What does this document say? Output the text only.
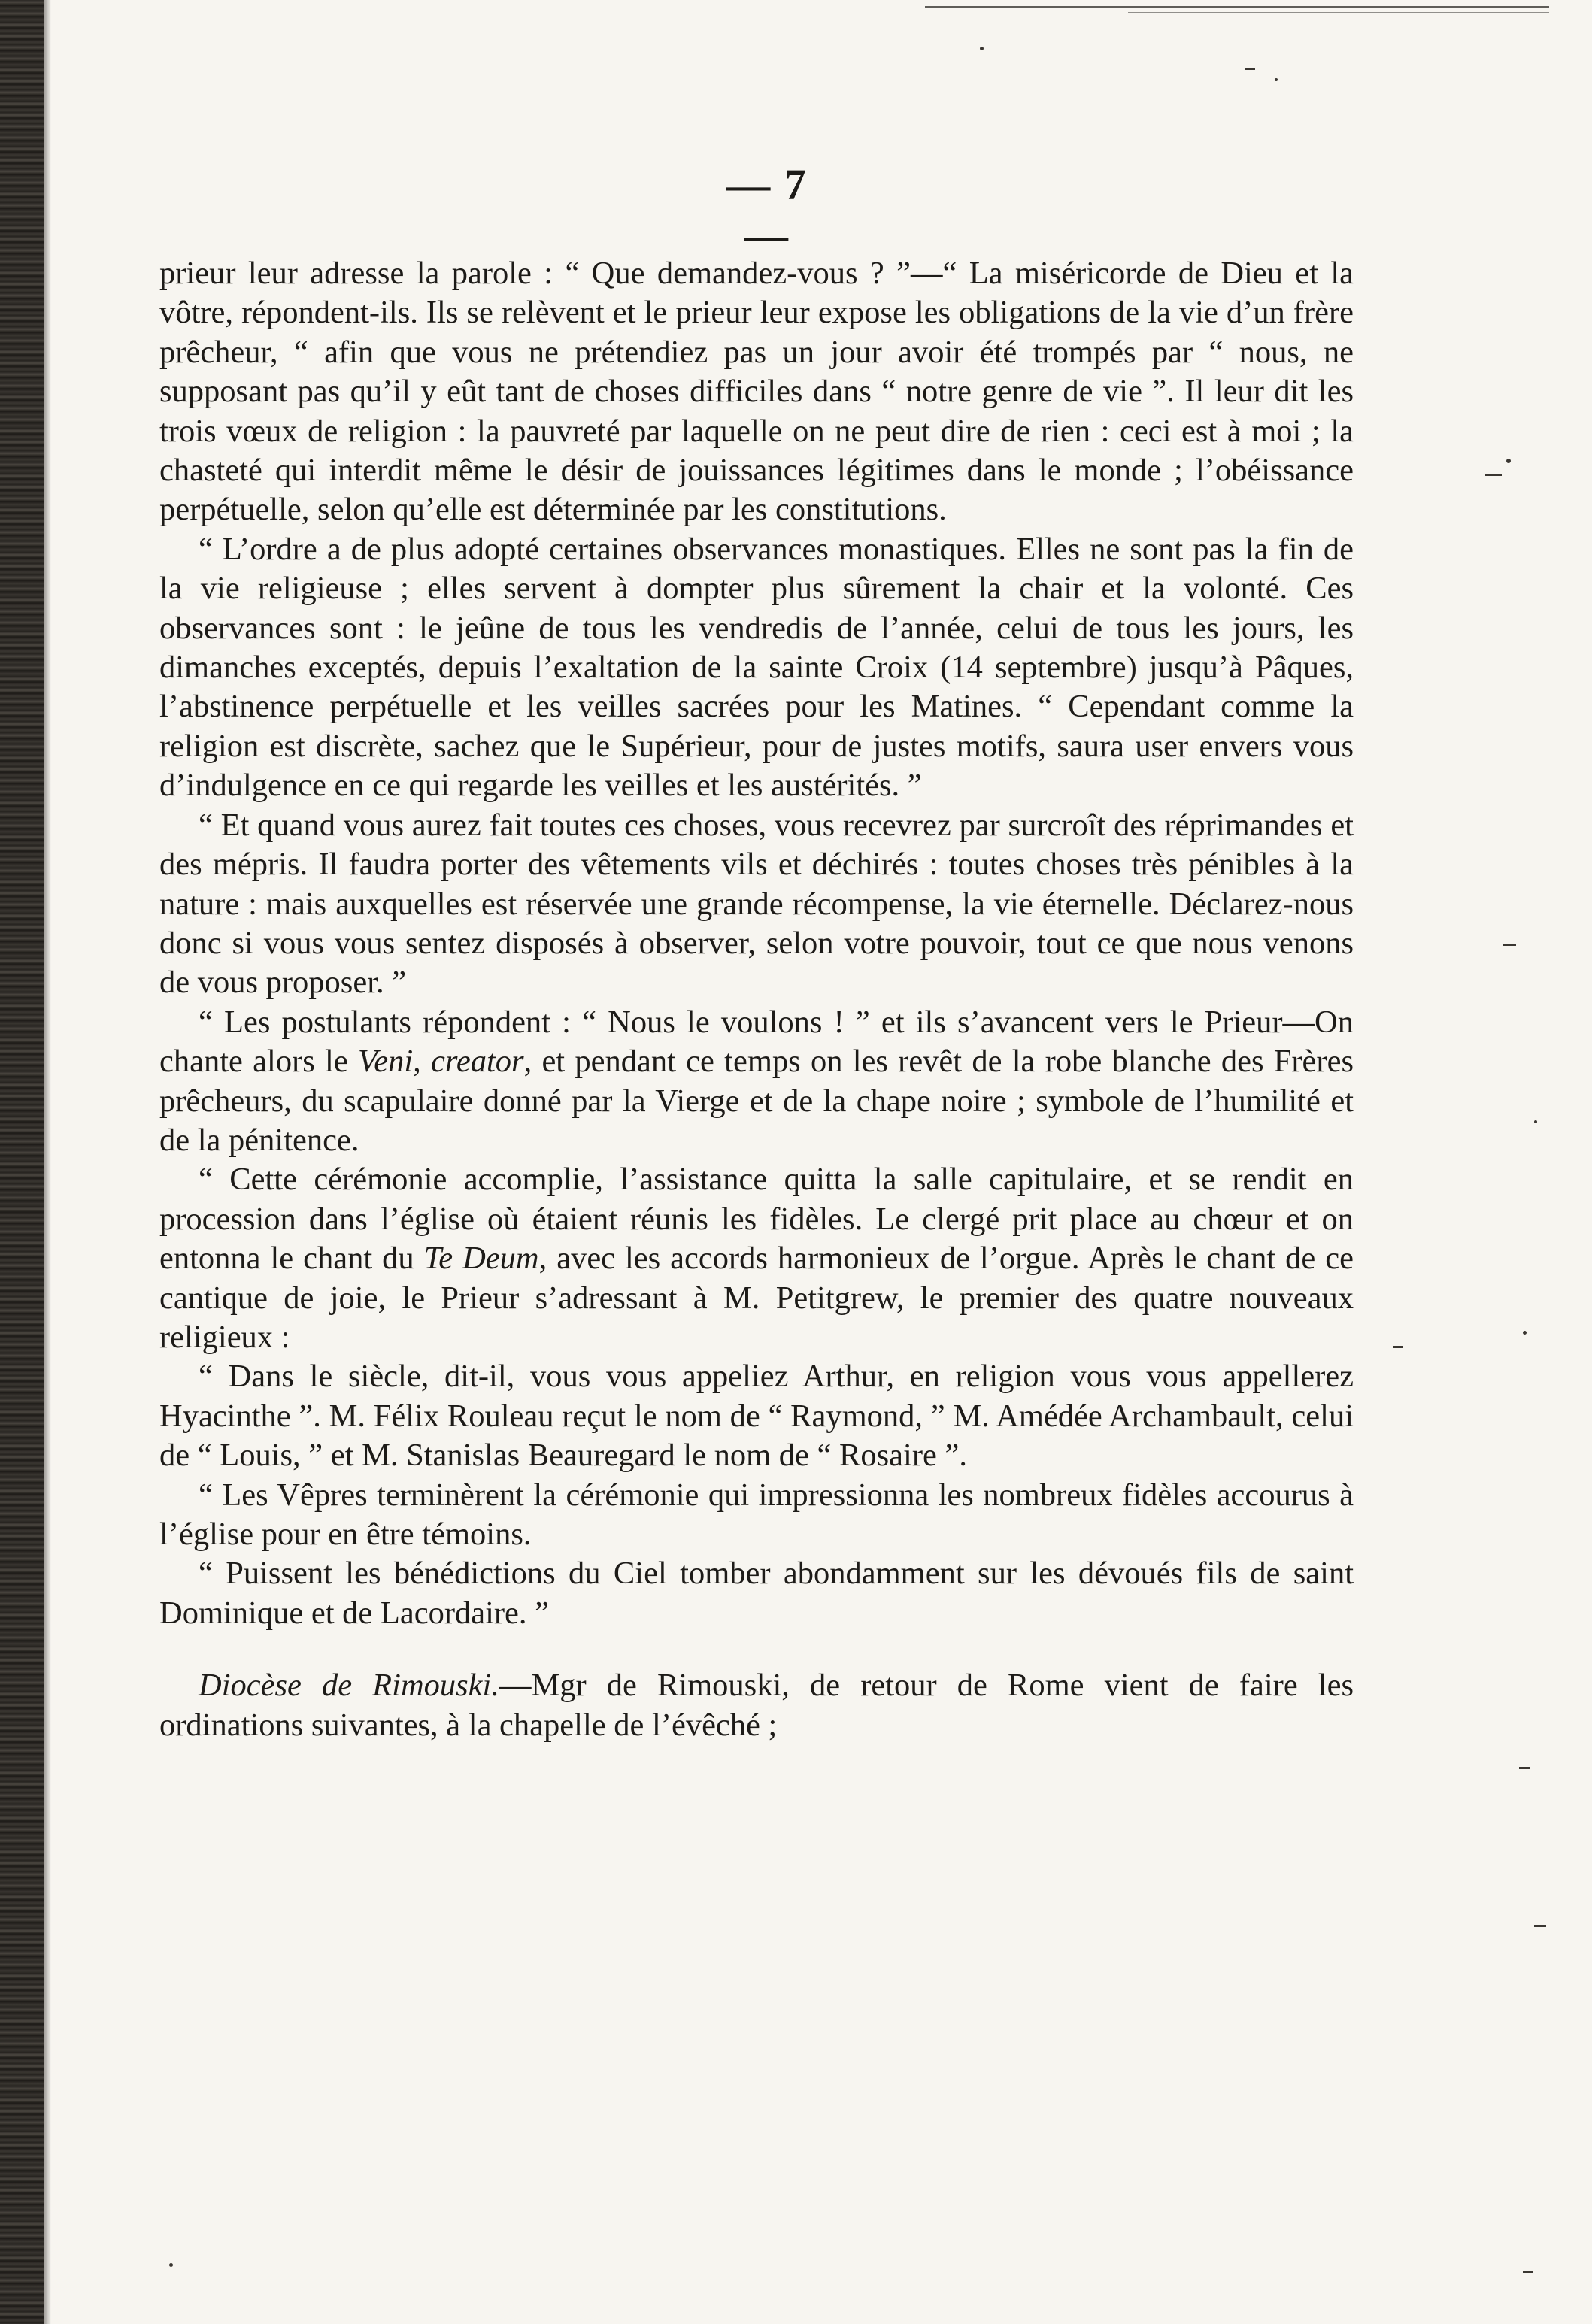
— 7 —

prieur leur adresse la parole : “ Que demandez-vous ? ”—“ La miséricorde de Dieu et la vôtre, répondent-ils. Ils se relèvent et le prieur leur expose les obligations de la vie d’un frère prêcheur, “ afin que vous ne prétendiez pas un jour avoir été trompés par “ nous, ne supposant pas qu’il y eût tant de choses difficiles dans “ notre genre de vie ”. Il leur dit les trois vœux de religion : la pauvreté par laquelle on ne peut dire de rien : ceci est à moi ; la chasteté qui interdit même le désir de jouissances légitimes dans le monde ; l’obéissance perpétuelle, selon qu’elle est déterminée par les constitutions.

“ L’ordre a de plus adopté certaines observances monastiques. Elles ne sont pas la fin de la vie religieuse ; elles servent à dompter plus sûrement la chair et la volonté. Ces observances sont : le jeûne de tous les vendredis de l’année, celui de tous les jours, les dimanches exceptés, depuis l’exaltation de la sainte Croix (14 septembre) jusqu’à Pâques, l’abstinence perpétuelle et les veilles sacrées pour les Matines. “ Cependant comme la religion est discrète, sachez que le Supérieur, pour de justes motifs, saura user envers vous d’indulgence en ce qui regarde les veilles et les austérités. ”

“ Et quand vous aurez fait toutes ces choses, vous recevrez par surcroît des réprimandes et des mépris. Il faudra porter des vêtements vils et déchirés : toutes choses très pénibles à la nature : mais auxquelles est réservée une grande récompense, la vie éternelle. Déclarez-nous donc si vous vous sentez disposés à observer, selon votre pouvoir, tout ce que nous venons de vous proposer. ”

“ Les postulants répondent : “ Nous le voulons ! ” et ils s’avancent vers le Prieur—On chante alors le Veni, creator, et pendant ce temps on les revêt de la robe blanche des Frères prêcheurs, du scapulaire donné par la Vierge et de la chape noire ; symbole de l’humilité et de la pénitence.

“ Cette cérémonie accomplie, l’assistance quitta la salle capitulaire, et se rendit en procession dans l’église où étaient réunis les fidèles. Le clergé prit place au chœur et on entonna le chant du Te Deum, avec les accords harmonieux de l’orgue. Après le chant de ce cantique de joie, le Prieur s’adressant à M. Petitgrew, le premier des quatre nouveaux religieux :

“ Dans le siècle, dit-il, vous vous appeliez Arthur, en religion vous vous appellerez Hyacinthe ”. M. Félix Rouleau reçut le nom de “ Raymond, ” M. Amédée Archambault, celui de “ Louis, ” et M. Stanislas Beauregard le nom de “ Rosaire ”.

“ Les Vêpres terminèrent la cérémonie qui impressionna les nombreux fidèles accourus à l’église pour en être témoins.

“ Puissent les bénédictions du Ciel tomber abondamment sur les dévoués fils de saint Dominique et de Lacordaire. ”

Diocèse de Rimouski.—Mgr de Rimouski, de retour de Rome vient de faire les ordinations suivantes, à la chapelle de l’évêché ;
